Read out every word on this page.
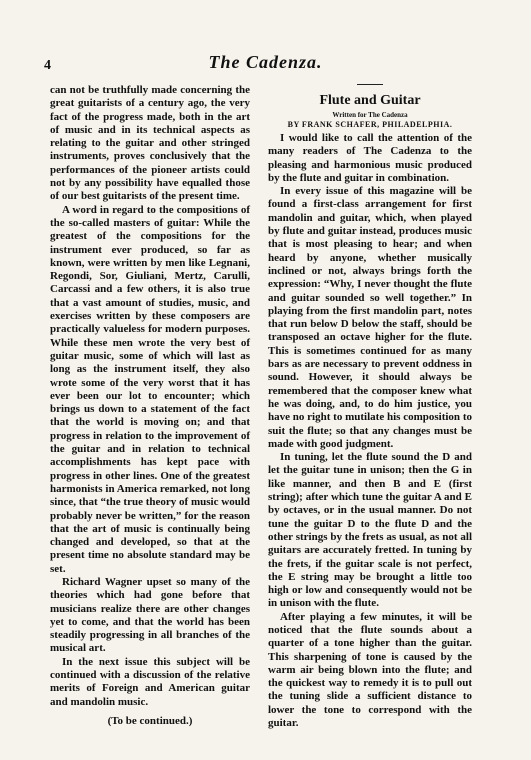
4	The Cadenza.

can not be truthfully made concerning the great guitarists of a century ago, the very fact of the progress made, both in the art of music and in its technical aspects as relating to the guitar and other stringed instruments, proves conclusively that the performances of the pioneer artists could not by any possibility have equalled those of our best guitarists of the present time.

A word in regard to the compositions of the so-called masters of guitar: While the greatest of the compositions for the instrument ever produced, so far as known, were written by men like Legnani, Regondi, Sor, Giuliani, Mertz, Carulli, Carcassi and a few others, it is also true that a vast amount of studies, music, and exercises written by these composers are practically valueless for modern purposes. While these men wrote the very best of guitar music, some of which will last as long as the instrument itself, they also wrote some of the very worst that it has ever been our lot to encounter; which brings us down to a statement of the fact that the world is moving on; and that progress in relation to the improvement of the guitar and in relation to technical accomplishments has kept pace with progress in other lines. One of the greatest harmonists in America remarked, not long since, that “the true theory of music would probably never be written,” for the reason that the art of music is continually being changed and developed, so that at the present time no absolute standard may be set.

Richard Wagner upset so many of the theories which had gone before that musicians realize there are other changes yet to come, and that the world has been steadily progressing in all branches of the musical art.

In the next issue this subject will be continued with a discussion of the relative merits of Foreign and American guitar and mandolin music.

(To be continued.)

Flute and Guitar
Written for The Cadenza
BY FRANK SCHAFER, PHILADELPHIA.

I would like to call the attention of the many readers of The Cadenza to the pleasing and harmonious music produced by the flute and guitar in combination.

In every issue of this magazine will be found a first-class arrangement for first mandolin and guitar, which, when played by flute and guitar instead, produces music that is most pleasing to hear; and when heard by anyone, whether musically inclined or not, always brings forth the expression: “Why, I never thought the flute and guitar sounded so well together.” In playing from the first mandolin part, notes that run below D below the staff, should be transposed an octave higher for the flute. This is sometimes continued for as many bars as are necessary to prevent oddness in sound. However, it should always be remembered that the composer knew what he was doing, and, to do him justice, you have no right to mutilate his composition to suit the flute; so that any changes must be made with good judgment.

In tuning, let the flute sound the D and let the guitar tune in unison; then the G in like manner, and then B and E (first string); after which tune the guitar A and E by octaves, or in the usual manner. Do not tune the guitar D to the flute D and the other strings by the frets as usual, as not all guitars are accurately fretted. In tuning by the frets, if the guitar scale is not perfect, the E string may be brought a little too high or low and consequently would not be in unison with the flute.

After playing a few minutes, it will be noticed that the flute sounds about a quarter of a tone higher than the guitar. This sharpening of tone is caused by the warm air being blown into the flute; and the quickest way to remedy it is to pull out the tuning slide a sufficient distance to lower the tone to correspond with the guitar.
